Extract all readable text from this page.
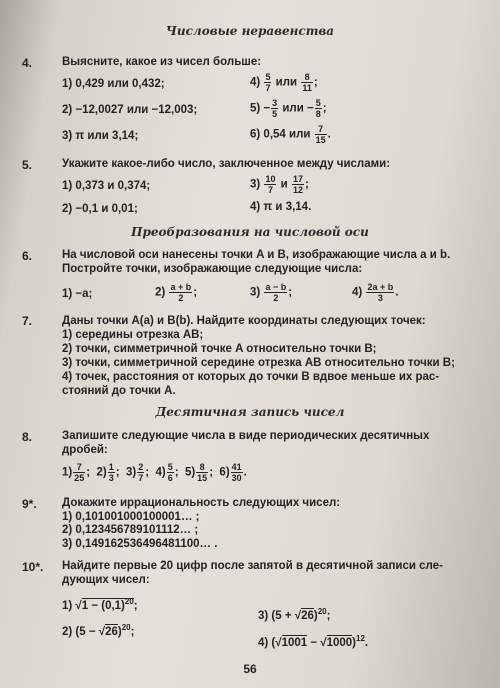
Числовые неравенства
4.	Выясните, какое из чисел больше:
1) 0,429 или 0,432;	$4) \frac{5}{7}$ или $\frac{8}{11}$ ;
2) −12,0027 или −12,003;	$5) - \frac{3}{5}$ или − $\frac{5}{8}$ ;
3) π или 3,14;	6) 0,54 или $\frac{7}{15}$ .
5.	Укажите какое-либо число, заключенное между числами:
1) 0,373 и 0,374;	$3) \frac{10}{7}$ и $\frac{17}{12}$ ;
2) −0,1 и 0,01;	4) π и 3,14.
Преобразования на числовой оси
6.	На числовой оси нанесены точки A и B, изображающие числа a и b.
Постройте точки, изображающие следующие числа:
1) −a;	$2) \frac{a + b}{2}$ ;	$3) \frac{a - b}{2}$ ;	$4) \frac{2a + b}{3}$ .
7.	Даны точки A(a) и B(b). Найдите координаты следующих точек:
1) середины отрезка AB;
2) точки, симметричной точке A относительно точки B;
3) точки, симметричной середине отрезка AB относительно точки B;
4) точек, расстояния от которых до точки B вдвое меньше их рас-
стояний до точки A.
Десятичная запись чисел
8.	Запишите следующие числа в виде периодических десятичных
дробей:
$1) \frac{7}{25}$ ; $2) \frac{1}{3}$ ; $3) \frac{2}{7}$ ; $4) \frac{5}{6}$ ; $5) \frac{8}{15}$ ; $6) \frac{41}{30}$ .
9*. Докажите иррациональность следующих чисел:
1) 0,101001000100001… ;
2) 0,123456789101112… ;
3) 0,149162536496481100… .
10*. Найдите первые 20 цифр после запятой в десятичной записи сле-
дующих чисел:
1) $√1 - (0,1)^{20}$;
2) $(5 - √26)^{20}$;
3) $(5 + √26)^{20}$;
4) $(√1001 - √1000)^{12}$.
56
